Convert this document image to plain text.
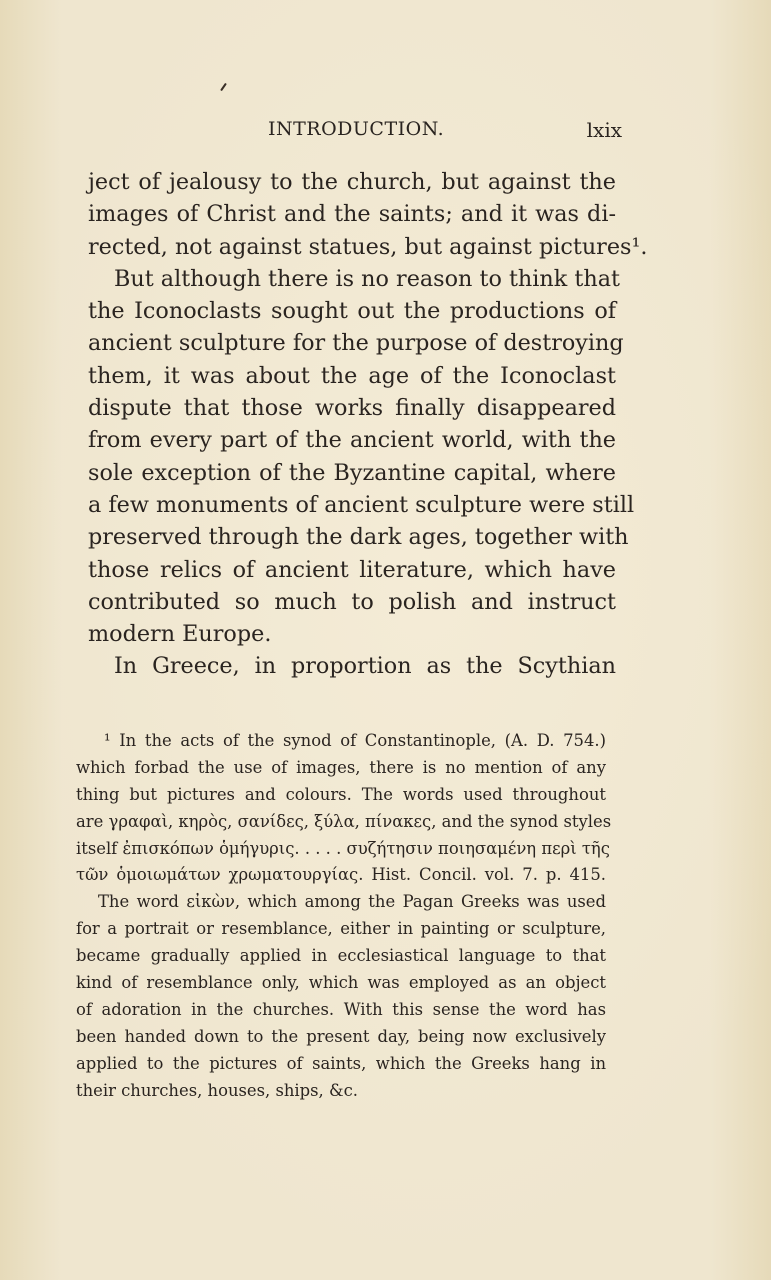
INTRODUCTION.	lxix
ject of jealousy to the church, but against the
images of Christ and the saints; and it was di-
rected, not against statues, but against pictures¹.
But although there is no reason to think that
the Iconoclasts sought out the productions of
ancient sculpture for the purpose of destroying
them, it was about the age of the Iconoclast
dispute that those works finally disappeared
from every part of the ancient world, with the
sole exception of the Byzantine capital, where
a few monuments of ancient sculpture were still
preserved through the dark ages, together with
those relics of ancient literature, which have
contributed so much to polish and instruct
modern Europe.
In Greece, in proportion as the Scythian
¹ In the acts of the synod of Constantinople, (A. D. 754.)
which forbad the use of images, there is no mention of any
thing but pictures and colours. The words used throughout
are γραφαὶ, κηρὸς, σανίδες, ξύλα, πίνακες, and the synod styles
itself ἐπισκόπων ὁμήγυρις. . . . . συζήτησιν ποιησαμένη περὶ τῆς
τῶν ὁμοιωμάτων χρωματουργίας. Hist. Concil. vol. 7. p. 415.
The word εἰκὼν, which among the Pagan Greeks was used
for a portrait or resemblance, either in painting or sculpture,
became gradually applied in ecclesiastical language to that
kind of resemblance only, which was employed as an object
of adoration in the churches. With this sense the word has
been handed down to the present day, being now exclusively
applied to the pictures of saints, which the Greeks hang in
their churches, houses, ships, &c.
